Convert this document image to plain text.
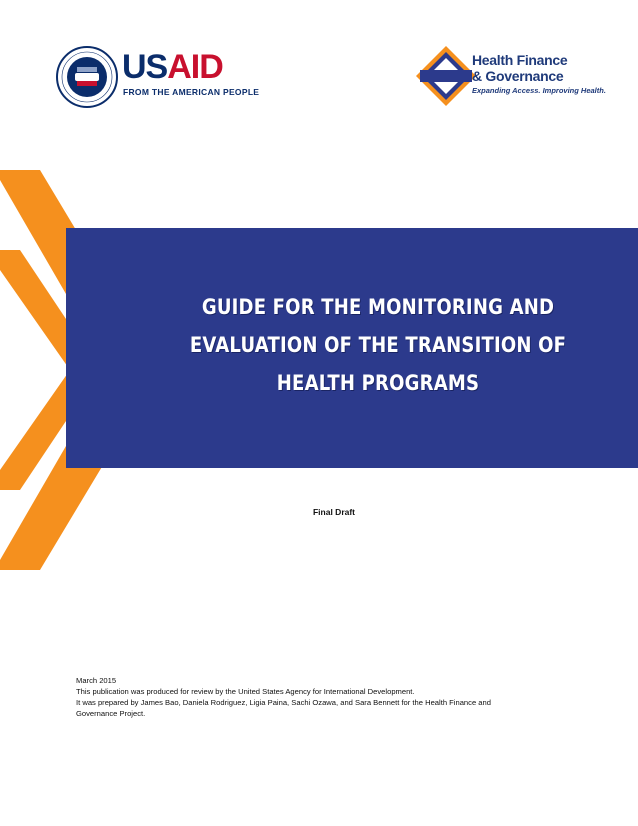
USAID
FROM THE AMERICAN PEOPLE
Health Finance
& Governance
Expanding Access. Improving Health.
GUIDE FOR THE MONITORING AND
EVALUATION OF THE TRANSITION OF
HEALTH PROGRAMS
Final Draft
March 2015
This publication was produced for review by the United States Agency for International Development.
It was prepared by James Bao, Daniela Rodriguez, Ligia Paina, Sachi Ozawa, and Sara Bennett for the Health Finance and
Governance Project.
